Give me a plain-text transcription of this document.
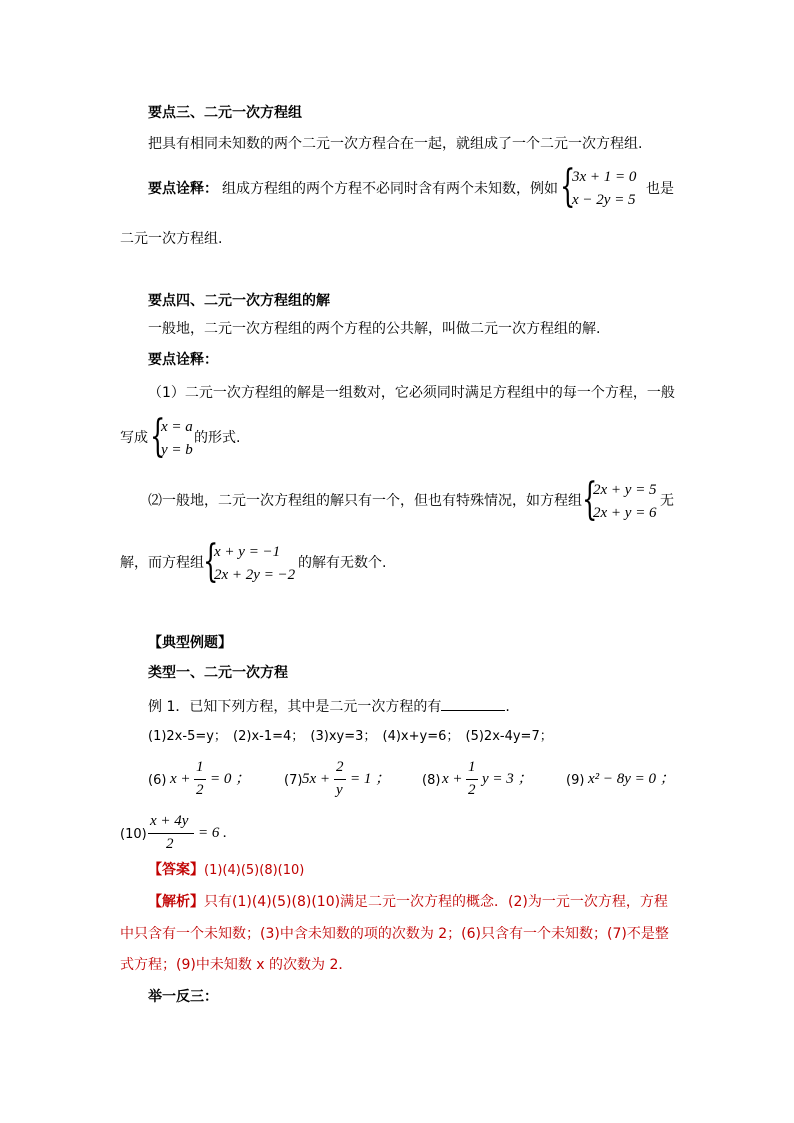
要点三、二元一次方程组
把具有相同未知数的两个二元一次方程合在一起，就组成了一个二元一次方程组.
要点诠释： 组成方程组的两个方程不必同时含有两个未知数，例如 {
3x + 1 = 0
x − 2y = 5
也是
二元一次方程组.
要点四、二元一次方程组的解
一般地，二元一次方程组的两个方程的公共解，叫做二元一次方程组的解.
要点诠释：
（1）二元一次方程组的解是一组数对，它必须同时满足方程组中的每一个方程，一般
写成 {
x = a
y = b
的形式.
⑵一般地，二元一次方程组的解只有一个，但也有特殊情况，如方程组 {
2x + y = 5
2x + y = 6
无
解，而方程组 {
x + y = −1
2x + 2y = −2
的解有无数个.
【典型例题】
类型一、二元一次方程
例 1．已知下列方程，其中是二元一次方程的有	.
(1)2x-5=y； (2)x-1=4； (3)xy=3； (4)x+y=6； (5)2x-4y=7；
(6) x +
1
2
= 0 ；	(7) 5x +
2
y
= 1 ； (8) x +
1
2
y = 3 ；	(9) x² − 8y = 0 ；
(10)
x + 4y
2
= 6 .
【答案】(1)(4)(5)(8)(10)
【解析】只有(1)(4)(5)(8)(10)满足二元一次方程的概念．(2)为一元一次方程，方程
中只含有一个未知数；(3)中含未知数的项的次数为 2；(6)只含有一个未知数；(7)不是整
式方程；(9)中未知数 x 的次数为 2．
举一反三：
